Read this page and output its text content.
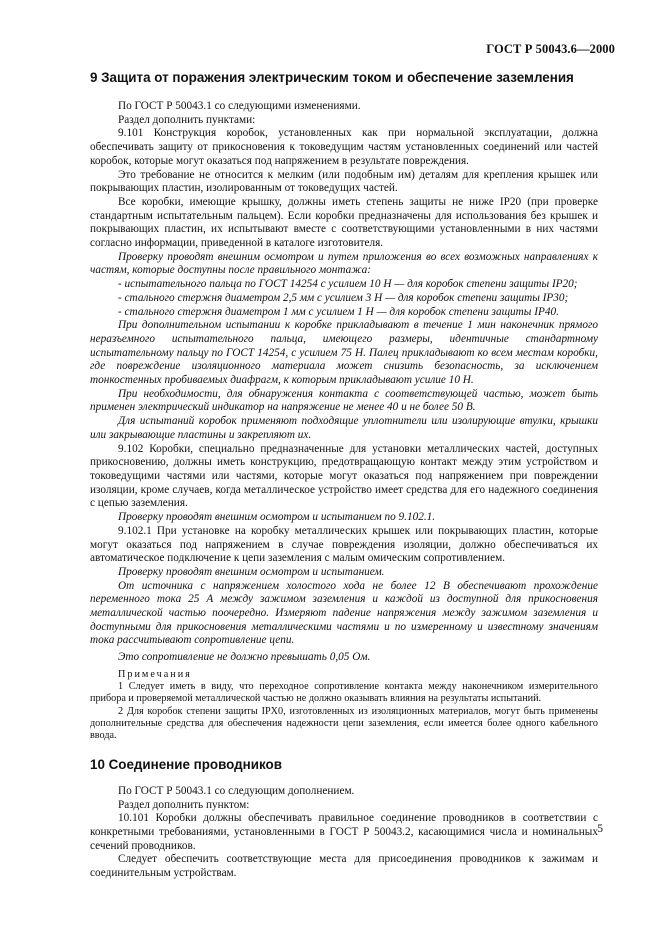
ГОСТ Р 50043.6—2000
9 Защита от поражения электрическим током и обеспечение заземления

По ГОСТ Р 50043.1 со следующими изменениями.

Раздел дополнить пунктами:

9.101 Конструкция коробок, установленных как при нормальной эксплуатации, должна обеспечивать защиту от прикосновения к токоведущим частям установленных соединений или частей коробок, которые могут оказаться под напряжением в результате повреждения.

Это требование не относится к мелким (или подобным им) деталям для крепления крышек или покрывающих пластин, изолированным от токоведущих частей.

Все коробки, имеющие крышку, должны иметь степень защиты не ниже IP20 (при проверке стандартным испытательным пальцем). Если коробки предназначены для использования без крышек и покрывающих пластин, их испытывают вместе с соответствующими установленными в них частями согласно информации, приведенной в каталоге изготовителя.

Проверку проводят внешним осмотром и путем приложения во всех возможных направлениях к частям, которые доступны после правильного монтажа:

- испытательного пальца по ГОСТ 14254 с усилием 10 Н — для коробок степени защиты IP20;

- стального стержня диаметром 2,5 мм с усилием 3 Н — для коробок степени защиты IP30;

- стального стержня диаметром 1 мм с усилием 1 Н — для коробок степени защиты IP40.

При дополнительном испытании к коробке прикладывают в течение 1 мин наконечник прямого неразъемного испытательного пальца, имеющего размеры, идентичные стандартному испытательному пальцу по ГОСТ 14254, с усилием 75 Н. Палец прикладывают ко всем местам коробки, где повреждение изоляционного материала может снизить безопасность, за исключением тонкостенных пробиваемых диафрагм, к которым прикладывают усилие 10 Н.

При необходимости, для обнаружения контакта с соответствующей частью, может быть применен электрический индикатор на напряжение не менее 40 и не более 50 В.

Для испытаний коробок применяют подходящие уплотнители или изолирующие втулки, крышки или закрывающие пластины и закрепляют их.

9.102 Коробки, специально предназначенные для установки металлических частей, доступных прикосновению, должны иметь конструкцию, предотвращающую контакт между этим устройством и токоведущими частями или частями, которые могут оказаться под напряжением при повреждении изоляции, кроме случаев, когда металлическое устройство имеет средства для его надежного соединения с цепью заземления.

Проверку проводят внешним осмотром и испытанием по 9.102.1.

9.102.1 При установке на коробку металлических крышек или покрывающих пластин, которые могут оказаться под напряжением в случае повреждения изоляции, должно обеспечиваться их автоматическое подключение к цепи заземления с малым омическим сопротивлением.

Проверку проводят внешним осмотром и испытанием.

От источника с напряжением холостого хода не более 12 В обеспечивают прохождение переменного тока 25 А между зажимом заземления и каждой из доступной для прикосновения металлической частью поочередно. Измеряют падение напряжения между зажимом заземления и доступными для прикосновения металлическими частями и по измеренному и известному значениям тока рассчитывают сопротивление цепи.

Это сопротивление не должно превышать 0,05 Ом.

Примечания

1 Следует иметь в виду, что переходное сопротивление контакта между наконечником измерительного прибора и проверяемой металлической частью не должно оказывать влияния на результаты испытаний.

2 Для коробок степени защиты IPX0, изготовленных из изоляционных материалов, могут быть применены дополнительные средства для обеспечения надежности цепи заземления, если имеется более одного кабельного ввода.

10 Соединение проводников

По ГОСТ Р 50043.1 со следующим дополнением.

Раздел дополнить пунктом:

10.101 Коробки должны обеспечивать правильное соединение проводников в соответствии с конкретными требованиями, установленными в ГОСТ Р 50043.2, касающимися числа и номинальных сечений проводников.

Следует обеспечить соответствующие места для присоединения проводников к зажимам и соединительным устройствам.

5
